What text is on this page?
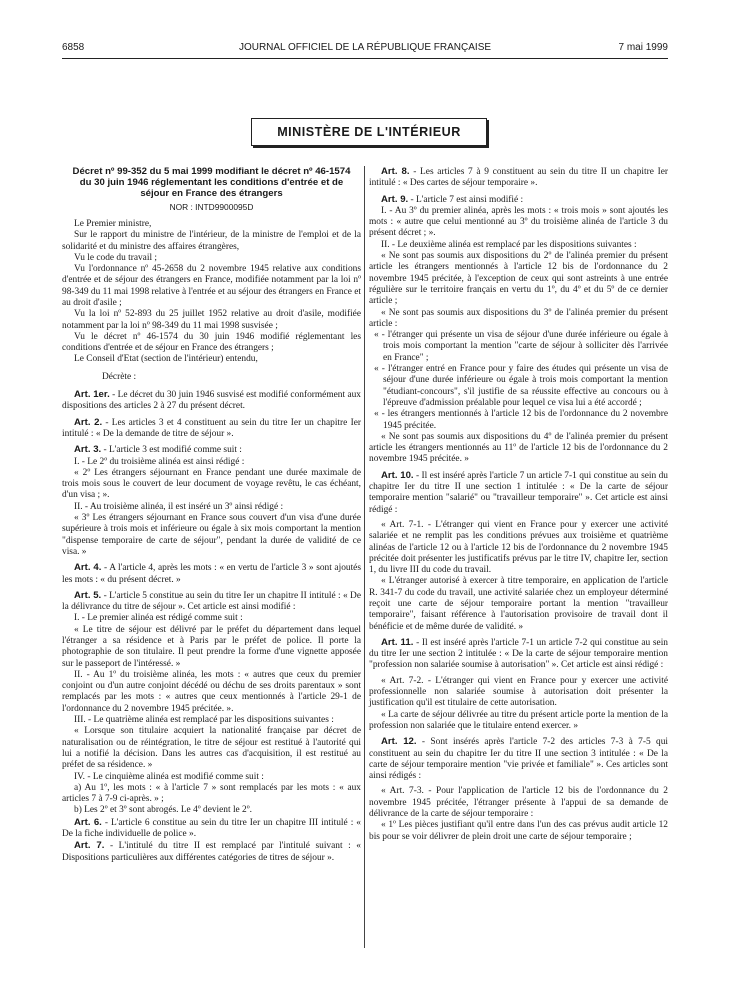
6858	JOURNAL OFFICIEL DE LA RÉPUBLIQUE FRANÇAISE	7 mai 1999
MINISTÈRE DE L'INTÉRIEUR
Décret nº 99-352 du 5 mai 1999 modifiant le décret nº 46-1574 du 30 juin 1946 réglementant les conditions d'entrée et de séjour en France des étrangers
NOR : INTD9900095D

Le Premier ministre,

Sur le rapport du ministre de l'intérieur, de la ministre de l'emploi et de la solidarité et du ministre des affaires étrangères,

Vu le code du travail ;

Vu l'ordonnance nº 45-2658 du 2 novembre 1945 relative aux conditions d'entrée et de séjour des étrangers en France, modifiée notamment par la loi nº 98-349 du 11 mai 1998 relative à l'entrée et au séjour des étrangers en France et au droit d'asile ;

Vu la loi nº 52-893 du 25 juillet 1952 relative au droit d'asile, modifiée notamment par la loi nº 98-349 du 11 mai 1998 susvisée ;

Vu le décret nº 46-1574 du 30 juin 1946 modifié réglementant les conditions d'entrée et de séjour en France des étrangers ;

Le Conseil d'Etat (section de l'intérieur) entendu,

Décrète :

Art. 1er. - Le décret du 30 juin 1946 susvisé est modifié conformément aux dispositions des articles 2 à 27 du présent décret.

Art. 2. - Les articles 3 et 4 constituent au sein du titre Ier un chapitre Ier intitulé : « De la demande de titre de séjour ».

Art. 3. - L'article 3 est modifié comme suit :

I. - Le 2º du troisième alinéa est ainsi rédigé :

« 2º Les étrangers séjournant en France pendant une durée maximale de trois mois sous le couvert de leur document de voyage revêtu, le cas échéant, d'un visa ; ».

II. - Au troisième alinéa, il est inséré un 3º ainsi rédigé :

« 3º Les étrangers séjournant en France sous couvert d'un visa d'une durée supérieure à trois mois et inférieure ou égale à six mois comportant la mention "dispense temporaire de carte de séjour", pendant la durée de validité de ce visa. »

Art. 4. - A l'article 4, après les mots : « en vertu de l'article 3 » sont ajoutés les mots : « du présent décret. »

Art. 5. - L'article 5 constitue au sein du titre Ier un chapitre II intitulé : « De la délivrance du titre de séjour ». Cet article est ainsi modifié :

I. - Le premier alinéa est rédigé comme suit :

« Le titre de séjour est délivré par le préfet du département dans lequel l'étranger a sa résidence et à Paris par le préfet de police. Il porte la photographie de son titulaire. Il peut prendre la forme d'une vignette apposée sur le passeport de l'intéressé. »

II. - Au 1º du troisième alinéa, les mots : « autres que ceux du premier conjoint ou d'un autre conjoint décédé ou déchu de ses droits parentaux » sont remplacés par les mots : « autres que ceux mentionnés à l'article 29-1 de l'ordonnance du 2 novembre 1945 précitée. ».

III. - Le quatrième alinéa est remplacé par les dispositions suivantes :

« Lorsque son titulaire acquiert la nationalité française par décret de naturalisation ou de réintégration, le titre de séjour est restitué à l'autorité qui lui a notifié la décision. Dans les autres cas d'acquisition, il est restitué au préfet de sa résidence. »

IV. - Le cinquième alinéa est modifié comme suit :

a) Au 1º, les mots : « à l'article 7 » sont remplacés par les mots : « aux articles 7 à 7-9 ci-après. » ;

b) Les 2º et 3º sont abrogés. Le 4º devient le 2º.

Art. 6. - L'article 6 constitue au sein du titre Ier un chapitre III intitulé : « De la fiche individuelle de police ».

Art. 7. - L'intitulé du titre II est remplacé par l'intitulé suivant : « Dispositions particulières aux différentes catégories de titres de séjour ».

Art. 8. - Les articles 7 à 9 constituent au sein du titre II un chapitre Ier intitulé : « Des cartes de séjour temporaire ».

Art. 9. - L'article 7 est ainsi modifié :

I. - Au 3º du premier alinéa, après les mots : « trois mois » sont ajoutés les mots : « autre que celui mentionné au 3º du troisième alinéa de l'article 3 du présent décret ; ».

II. - Le deuxième alinéa est remplacé par les dispositions suivantes :

« Ne sont pas soumis aux dispositions du 2º de l'alinéa premier du présent article les étrangers mentionnés à l'article 12 bis de l'ordonnance du 2 novembre 1945 précitée, à l'exception de ceux qui sont astreints à une entrée régulière sur le territoire français en vertu du 1º, du 4º et du 5º de ce dernier article ;

« Ne sont pas soumis aux dispositions du 3º de l'alinéa premier du présent article :

« - l'étranger qui présente un visa de séjour d'une durée inférieure ou égale à trois mois comportant la mention "carte de séjour à solliciter dès l'arrivée en France" ;

« - l'étranger entré en France pour y faire des études qui présente un visa de séjour d'une durée inférieure ou égale à trois mois comportant la mention "étudiant-concours", s'il justifie de sa réussite effective au concours ou à l'épreuve d'admission préalable pour lequel ce visa lui a été accordé ;

« - les étrangers mentionnés à l'article 12 bis de l'ordonnance du 2 novembre 1945 précitée.

« Ne sont pas soumis aux dispositions du 4º de l'alinéa premier du présent article les étrangers mentionnés au 11º de l'article 12 bis de l'ordonnance du 2 novembre 1945 précitée. »

Art. 10. - Il est inséré après l'article 7 un article 7-1 qui constitue au sein du chapitre Ier du titre II une section 1 intitulée : « De la carte de séjour temporaire mention "salarié" ou "travailleur temporaire" ». Cet article est ainsi rédigé :

« Art. 7-1. - L'étranger qui vient en France pour y exercer une activité salariée et ne remplit pas les conditions prévues aux troisième et quatrième alinéas de l'article 12 ou à l'article 12 bis de l'ordonnance du 2 novembre 1945 précitée doit présenter les justificatifs prévus par le titre IV, chapitre Ier, section 1, du livre III du code du travail.

« L'étranger autorisé à exercer à titre temporaire, en application de l'article R. 341-7 du code du travail, une activité salariée chez un employeur déterminé reçoit une carte de séjour temporaire portant la mention "travailleur temporaire", faisant référence à l'autorisation provisoire de travail dont il bénéficie et de même durée de validité. »

Art. 11. - Il est inséré après l'article 7-1 un article 7-2 qui constitue au sein du titre Ier une section 2 intitulée : « De la carte de séjour temporaire mention "profession non salariée soumise à autorisation" ». Cet article est ainsi rédigé :

« Art. 7-2. - L'étranger qui vient en France pour y exercer une activité professionnelle non salariée soumise à autorisation doit présenter la justification qu'il est titulaire de cette autorisation.

« La carte de séjour délivrée au titre du présent article porte la mention de la profession non salariée que le titulaire entend exercer. »

Art. 12. - Sont insérés après l'article 7-2 des articles 7-3 à 7-5 qui constituent au sein du chapitre Ier du titre II une section 3 intitulée : « De la carte de séjour temporaire mention "vie privée et familiale" ». Ces articles sont ainsi rédigés :

« Art. 7-3. - Pour l'application de l'article 12 bis de l'ordonnance du 2 novembre 1945 précitée, l'étranger présente à l'appui de sa demande de délivrance de la carte de séjour temporaire :

« 1º Les pièces justifiant qu'il entre dans l'un des cas prévus audit article 12 bis pour se voir délivrer de plein droit une carte de séjour temporaire ;
